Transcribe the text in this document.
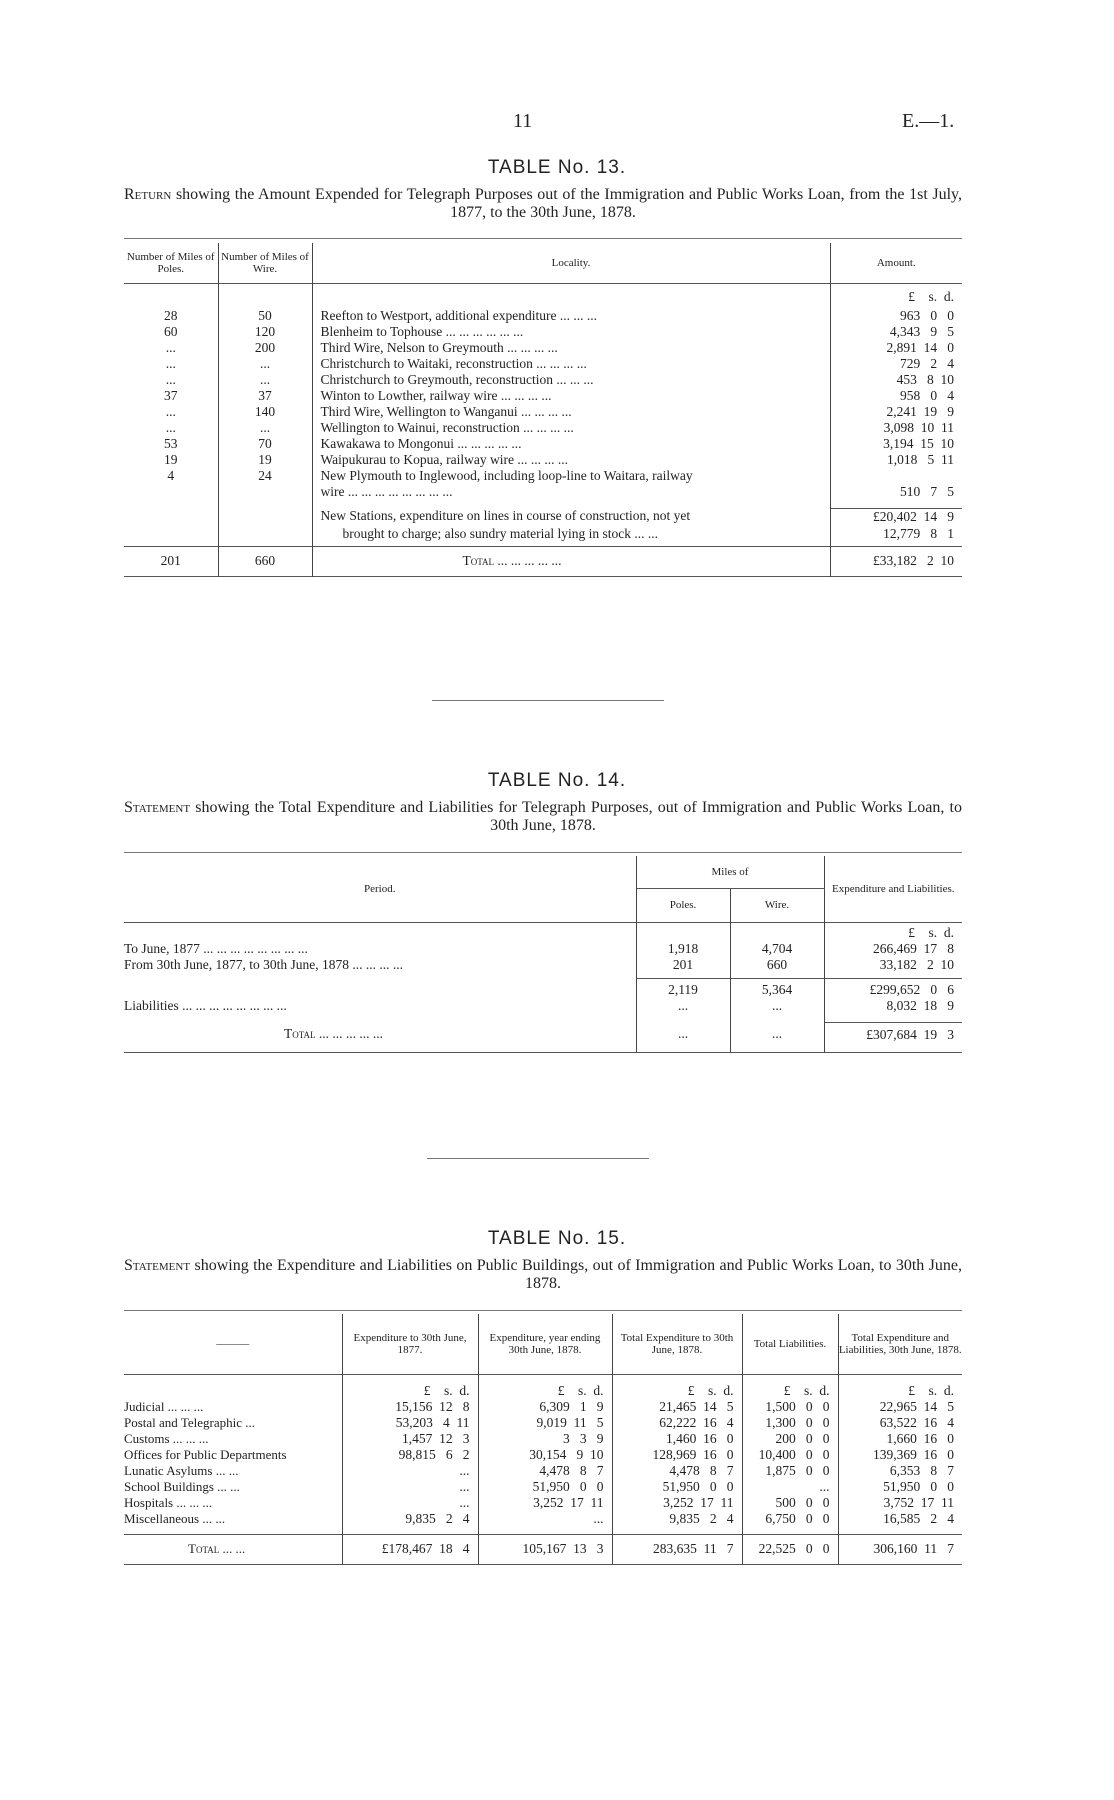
11	E.—1.
TABLE No. 13.
Return showing the Amount Expended for Telegraph Purposes out of the Immigration and Public Works Loan, from the 1st July, 1877, to the 30th June, 1878.
Number of Miles of Poles.	Number of Miles of Wire.	Locality.	Amount.

			£    s.  d.
28	50	Reefton to Westport, additional expenditure ... ... ...	963   0   0
60	120	Blenheim to Tophouse ... ... ... ... ... ...	4,343   9   5
...	200	Third Wire, Nelson to Greymouth ... ... ... ...	2,891  14   0
...	...	Christchurch to Waitaki, reconstruction ... ... ... ...	729   2   4
...	...	Christchurch to Greymouth, reconstruction ... ... ...	453   8  10
37	37	Winton to Lowther, railway wire ... ... ... ...	958   0   4
...	140	Third Wire, Wellington to Wanganui ... ... ... ...	2,241  19   9
...	...	Wellington to Wainui, reconstruction ... ... ... ...	3,098  10  11
53	70	Kawakawa to Mongonui ... ... ... ... ...	3,194  15  10
19	19	Waipukurau to Kopua, railway wire ... ... ... ...	1,018   5  11
4	24	New Plymouth to Inglewood, including loop-line to Waitara, railway	
		wire ... ... ... ... ... ... ... ...	510   7   5

		New Stations, expenditure on lines in course of construction, not yet	£20,402  14   9
		brought to charge; also sundry material lying in stock ... ...	12,779   8   1
201	660	Total ... ... ... ... ...	£33,182   2  10
TABLE No. 14.
Statement showing the Total Expenditure and Liabilities for Telegraph Purposes, out of Immigration and Public Works Loan, to 30th June, 1878.
Period.	Miles of		Expenditure and Liabilities.
	Poles.	Wire.	
			£    s.  d.
To June, 1877 ... ... ... ... ... ... ... ...	1,918	4,704	266,469  17   8
From 30th June, 1877, to 30th June, 1878 ... ... ... ...	201	660	33,182   2  10
	2,119	5,364	£299,652   0   6
Liabilities ... ... ... ... ... ... ... ...	...	...	8,032  18   9
Total ... ... ... ... ...	...	...	£307,684  19   3
TABLE No. 15.
Statement showing the Expenditure and Liabilities on Public Buildings, out of Immigration and Public Works Loan, to 30th June, 1878.
———	Expenditure to 30th June, 1877.	Expenditure, year ending 30th June, 1878.	Total Expenditure to 30th June, 1878.	Total Liabilities.	Total Expenditure and Liabilities, 30th June, 1878.
	£    s.  d.	£    s.  d.	£    s.  d.	£    s.  d.	£    s.  d.
Judicial ... ... ...	15,156  12   8	6,309   1   9	21,465  14   5	1,500   0   0	22,965  14   5
Postal and Telegraphic ...	53,203   4  11	9,019  11   5	62,222  16   4	1,300   0   0	63,522  16   4
Customs ... ... ...	1,457  12   3	3   3   9	1,460  16   0	200   0   0	1,660  16   0
Offices for Public Departments	98,815   6   2	30,154   9  10	128,969  16   0	10,400   0   0	139,369  16   0
Lunatic Asylums ... ...	...	4,478   8   7	4,478   8   7	1,875   0   0	6,353   8   7
School Buildings ... ...	...	51,950   0   0	51,950   0   0	...	51,950   0   0
Hospitals ... ... ...	...	3,252  17  11	3,252  17  11	500   0   0	3,752  17  11
Miscellaneous ... ...	9,835   2   4	...	9,835   2   4	6,750   0   0	16,585   2   4

Total ... ...	£178,467  18   4	105,167  13   3	283,635  11   7	22,525   0   0	306,160  11   7
